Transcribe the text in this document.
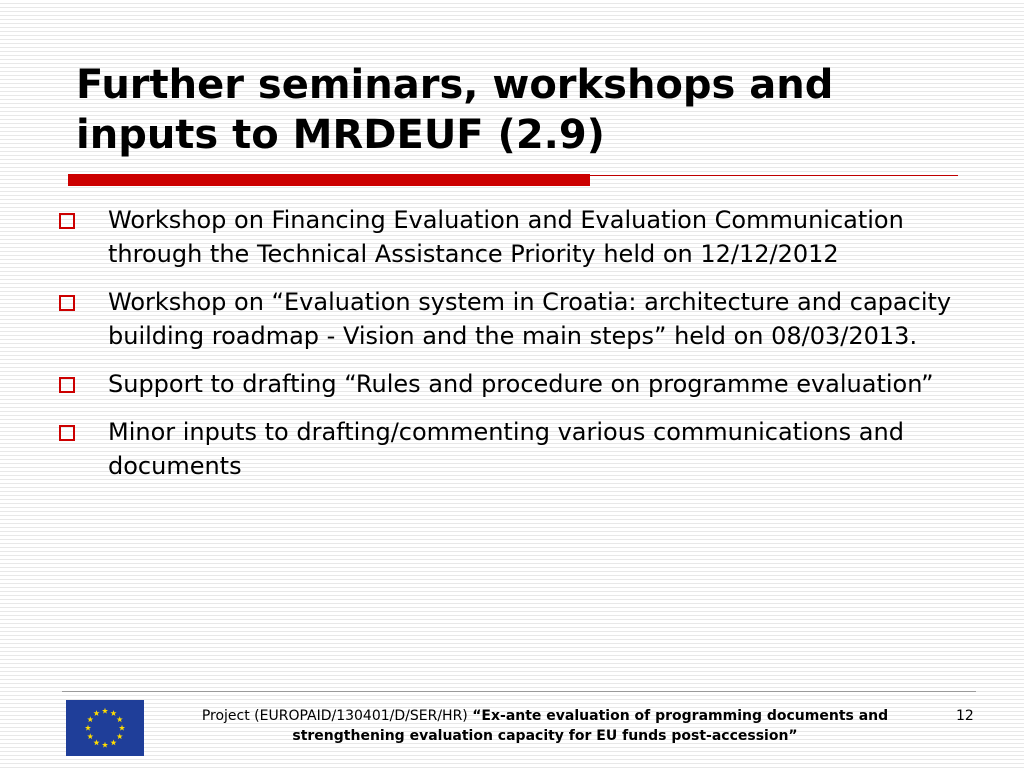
Further seminars, workshops and inputs to MRDEUF (2.9)
Workshop on Financing Evaluation and Evaluation Communication through the Technical Assistance Priority held on 12/12/2012
Workshop on “Evaluation system in Croatia: architecture and capacity building roadmap - Vision and the main steps” held on 08/03/2013.
Support to drafting “Rules and procedure on programme evaluation”
Minor inputs to drafting/commenting various communications and documents
Project (EUROPAID/130401/D/SER/HR) “Ex-ante evaluation of programming documents and strengthening evaluation capacity for EU funds post-accession”
12
